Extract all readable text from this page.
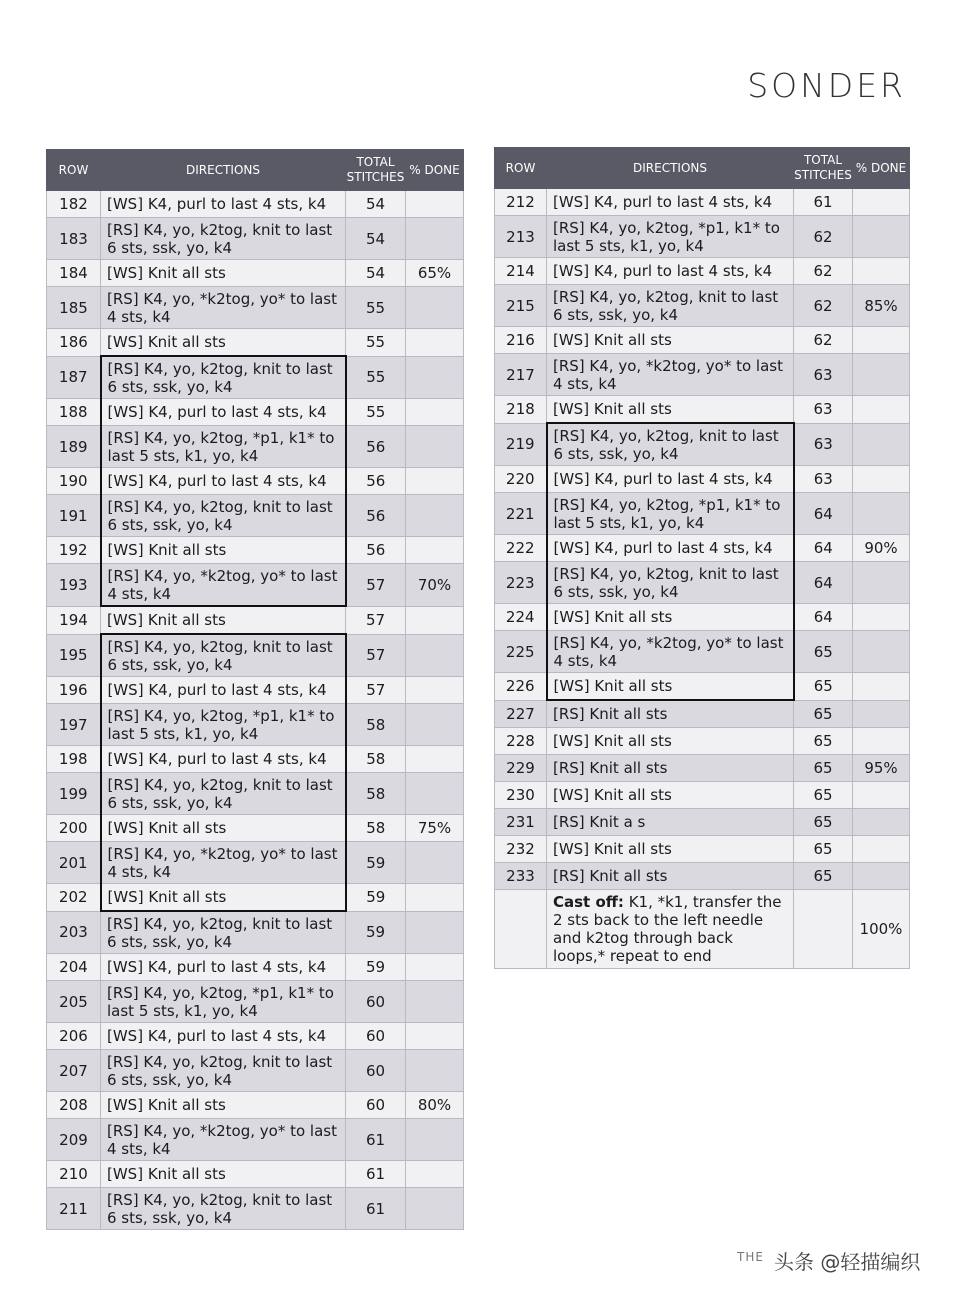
SONDER
ROW	DIRECTIONS	TOTAL STITCHES	% DONE
182	[WS] K4, purl to last 4 sts, k4	54	
183	[RS] K4, yo, k2tog, knit to last 6 sts, ssk, yo, k4	54	
184	[WS] Knit all sts	54	65%
185	[RS] K4, yo, *k2tog, yo* to last 4 sts, k4	55	
186	[WS] Knit all sts	55	
187	[RS] K4, yo, k2tog, knit to last 6 sts, ssk, yo, k4	55	
188	[WS] K4, purl to last 4 sts, k4	55	
189	[RS] K4, yo, k2tog, *p1, k1* to last 5 sts, k1, yo, k4	56	
190	[WS] K4, purl to last 4 sts, k4	56	
191	[RS] K4, yo, k2tog, knit to last 6 sts, ssk, yo, k4	56	
192	[WS] Knit all sts	56	
193	[RS] K4, yo, *k2tog, yo* to last 4 sts, k4	57	70%
194	[WS] Knit all sts	57	
195	[RS] K4, yo, k2tog, knit to last 6 sts, ssk, yo, k4	57	
196	[WS] K4, purl to last 4 sts, k4	57	
197	[RS] K4, yo, k2tog, *p1, k1* to last 5 sts, k1, yo, k4	58	
198	[WS] K4, purl to last 4 sts, k4	58	
199	[RS] K4, yo, k2tog, knit to last 6 sts, ssk, yo, k4	58	
200	[WS] Knit all sts	58	75%
201	[RS] K4, yo, *k2tog, yo* to last 4 sts, k4	59	
202	[WS] Knit all sts	59	
203	[RS] K4, yo, k2tog, knit to last 6 sts, ssk, yo, k4	59	
204	[WS] K4, purl to last 4 sts, k4	59	
205	[RS] K4, yo, k2tog, *p1, k1* to last 5 sts, k1, yo, k4	60	
206	[WS] K4, purl to last 4 sts, k4	60	
207	[RS] K4, yo, k2tog, knit to last 6 sts, ssk, yo, k4	60	
208	[WS] Knit all sts	60	80%
209	[RS] K4, yo, *k2tog, yo* to last 4 sts, k4	61	
210	[WS] Knit all sts	61	
211	[RS] K4, yo, k2tog, knit to last 6 sts, ssk, yo, k4	61	
ROW	DIRECTIONS	TOTAL STITCHES	% DONE
212	[WS] K4, purl to last 4 sts, k4	61	
213	[RS] K4, yo, k2tog, *p1, k1* to last 5 sts, k1, yo, k4	62	
214	[WS] K4, purl to last 4 sts, k4	62	
215	[RS] K4, yo, k2tog, knit to last 6 sts, ssk, yo, k4	62	85%
216	[WS] Knit all sts	62	
217	[RS] K4, yo, *k2tog, yo* to last 4 sts, k4	63	
218	[WS] Knit all sts	63	
219	[RS] K4, yo, k2tog, knit to last 6 sts, ssk, yo, k4	63	
220	[WS] K4, purl to last 4 sts, k4	63	
221	[RS] K4, yo, k2tog, *p1, k1* to last 5 sts, k1, yo, k4	64	
222	[WS] K4, purl to last 4 sts, k4	64	90%
223	[RS] K4, yo, k2tog, knit to last 6 sts, ssk, yo, k4	64	
224	[WS] Knit all sts	64	
225	[RS] K4, yo, *k2tog, yo* to last 4 sts, k4	65	
226	[WS] Knit all sts	65	
227	[RS] Knit all sts	65	
228	[WS] Knit all sts	65	
229	[RS] Knit all sts	65	95%
230	[WS] Knit all sts	65	
231	[RS] Knit a s	65	
232	[WS] Knit all sts	65	
233	[RS] Knit all sts	65	
	Cast off: K1, *k1, transfer the 2 sts back to the left needle and k2tog through back loops,* repeat to end		100%
THE 头条 @轻描编织
